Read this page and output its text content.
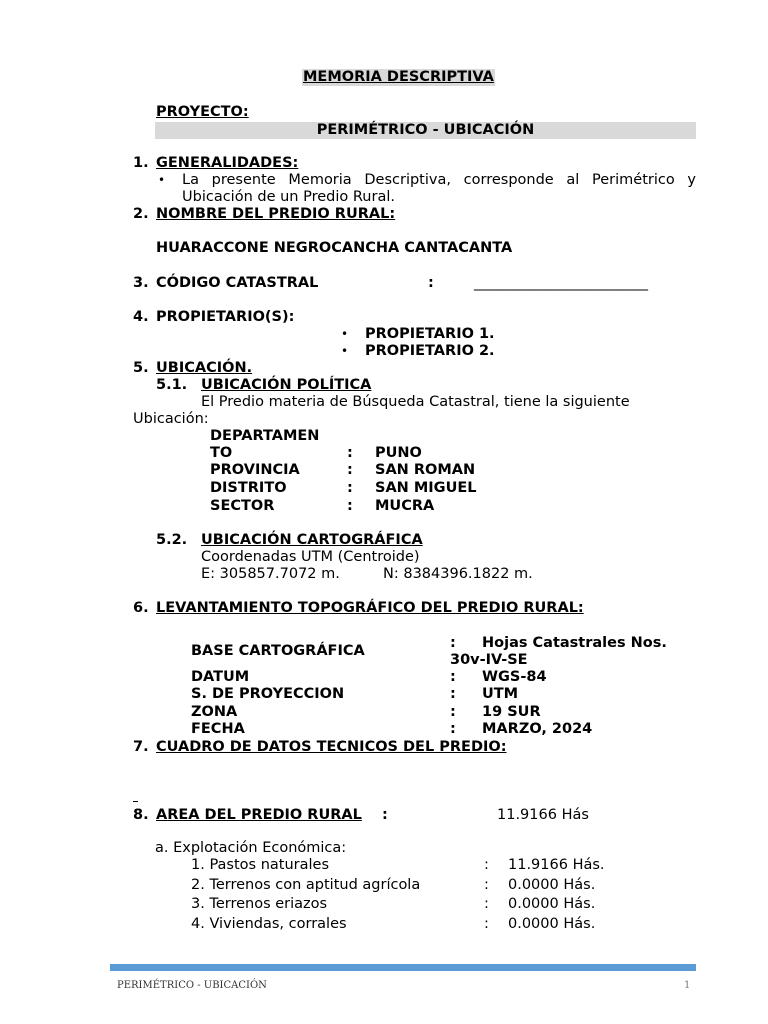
MEMORIA DESCRIPTIVA
PROYECTO:
PERIMÉTRICO - UBICACIÓN
1. GENERALIDADES:
• La presente Memoria Descriptiva, corresponde al Perimétrico y
Ubicación de un Predio Rural.
2. NOMBRE DEL PREDIO RURAL:
HUARACCONE NEGROCANCHA CANTACANTA
3. CÓDIGO CATASTRAL	:	________________________
4. PROPIETARIO(S):
• PROPIETARIO 1.
• PROPIETARIO 2.
5. UBICACIÓN.
5.1. UBICACIÓN POLÍTICA
El Predio materia de Búsqueda Catastral, tiene la siguiente
Ubicación:
DEPARTAMEN
TO	: PUNO
PROVINCIA	: SAN ROMAN
DISTRITO	: SAN MIGUEL
SECTOR	: MUCRA
5.2. UBICACIÓN CARTOGRÁFICA
Coordenadas UTM (Centroide)
E: 305857.7072 m.	N: 8384396.1822 m.
6. LEVANTAMIENTO TOPOGRÁFICO DEL PREDIO RURAL:
BASE CARTOGRÁFICA	: Hojas Catastrales Nos.
30v-IV-SE
DATUM	: WGS-84
S. DE PROYECCION	: UTM
ZONA	: 19 SUR
FECHA	: MARZO, 2024
7. CUADRO DE DATOS TECNICOS DEL PREDIO:
8. AREA DEL PREDIO RURAL :	11.9166 Hás
a. Explotación Económica:
1. Pastos naturales	: 11.9166 Hás.
2. Terrenos con aptitud agrícola	: 0.0000 Hás.
3. Terrenos eriazos	: 0.0000 Hás.
4. Viviendas, corrales	: 0.0000 Hás.
PERIMÉTRICO - UBICACIÓN	1
